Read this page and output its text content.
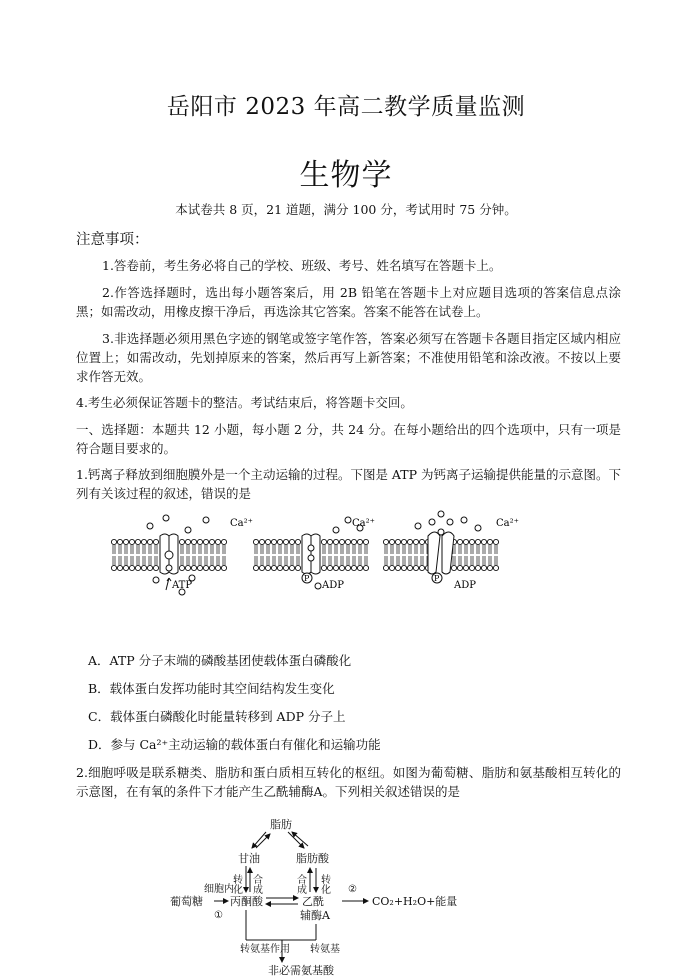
岳阳市 2023 年高二教学质量监测
生物学
本试卷共 8 页，21 道题，满分 100 分，考试用时 75 分钟。
注意事项：
1.答卷前，考生务必将自己的学校、班级、考号、姓名填写在答题卡上。
2.作答选择题时，选出每小题答案后，用 2B 铅笔在答题卡上对应题目选项的答案信息点涂黑；如需改动，用橡皮擦干净后，再选涂其它答案。答案不能答在试卷上。
3.非选择题必须用黑色字迹的钢笔或签字笔作答，答案必须写在答题卡各题目指定区域内相应位置上；如需改动，先划掉原来的答案，然后再写上新答案；不准使用铅笔和涂改液。不按以上要求作答无效。
4.考生必须保证答题卡的整洁。考试结束后，将答题卡交回。
一、选择题：本题共 12 小题，每小题 2 分，共 24 分。在每小题给出的四个选项中，只有一项是符合题目要求的。
1.钙离子释放到细胞膜外是一个主动运输的过程。下图是 ATP 为钙离子运输提供能量的示意图。下列有关该过程的叙述，错误的是
Ca²⁺
ATP
P
Ca²⁺
ADP
P
Ca²⁺
ADP
A．ATP 分子末端的磷酸基团使载体蛋白磷酸化
B．载体蛋白发挥功能时其空间结构发生变化
C．载体蛋白磷酸化时能量转移到 ADP 分子上
D．参与 Ca²⁺主动运输的载体蛋白有催化和运输功能
2.细胞呼吸是联系糖类、脂肪和蛋白质相互转化的枢纽。如图为葡萄糖、脂肪和氨基酸相互转化的示意图，在有氧的条件下才能产生乙酰辅酶A。下列相关叙述错误的是
脂肪
甘油	脂肪酸
葡萄糖 丙酮酸	乙酰
辅酶A
CO₂+H₂O+能量
非必需氨基酸
细胞内
①
②
转氨基作用 转氨基
转化 合成	合成 转化
